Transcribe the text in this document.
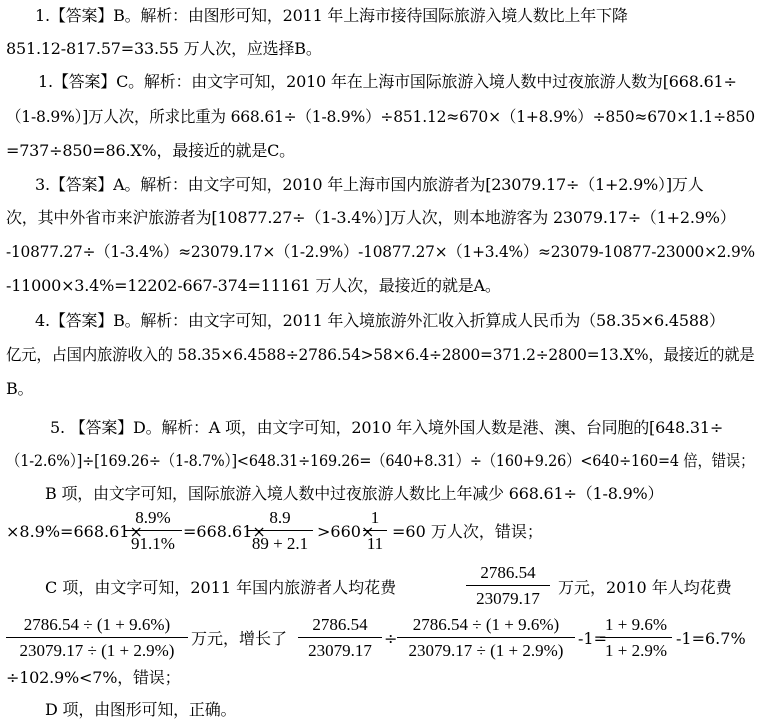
1.【答案】B。解析：由图形可知，2011 年上海市接待国际旅游入境人数比上年下降
851.12-817.57=33.55 万人次，应选择B。
1.【答案】C。解析：由文字可知，2010 年在上海市国际旅游入境人数中过夜旅游人数为[668.61÷
（1-8.9%）]万人次，所求比重为 668.61÷（1-8.9%）÷851.12≈670×（1+8.9%）÷850≈670×1.1÷850
=737÷850=86.X%，最接近的就是C。
3.【答案】A。解析：由文字可知，2010 年上海市国内旅游者为[23079.17÷（1+2.9%）]万人
次，其中外省市来沪旅游者为[10877.27÷（1-3.4%）]万人次，则本地游客为 23079.17÷（1+2.9%）
-10877.27÷（1-3.4%）≈23079.17×（1-2.9%）-10877.27×（1+3.4%）≈23079-10877-23000×2.9%
-11000×3.4%=12202-667-374=11161 万人次，最接近的就是A。
4.【答案】B。解析：由文字可知，2011 年入境旅游外汇收入折算成人民币为（58.35×6.4588）
亿元，占国内旅游收入的 58.35×6.4588÷2786.54>58×6.4÷2800=371.2÷2800=13.X%，最接近的就是
B。
5. 【答案】D。解析：A 项，由文字可知，2010 年入境外国人数是港、澳、台同胞的[648.31÷
（1-2.6%）]÷[169.26÷（1-8.7%）]<648.31÷169.26=（640+8.31）÷（160+9.26）<640÷160=4 倍，错误；
B 项，由文字可知，国际旅游入境人数中过夜旅游人数比上年减少 668.61÷（1-8.9%）
×8.9%=668.61×
$\frac{8.9\%}{91.1\%} =668.61\times$
$\frac{8.9}{89 + 2.1} >660\times$
$\frac{1}{11} =60$ 万人次，错误；
C 项，由文字可知，2011 年国内旅游者人均花费	$\frac{2786.54}{23079.17}$ 万元，2010 年人均花费
$\frac{2786.54 \div (1 + 9.6\%)}{23079.17 \div (1 + 2.9\%)}$ 万元，增长了 $\frac{2786.54}{23079.17} \div \frac{2786.54 \div (1 + 9.6\%)}{23079.17 \div (1 + 2.9\%)} -1=$
$\frac{1 + 9.6\%}{1 + 2.9\%} -1=6.7\%$
÷102.9%<7%，错误；
D 项，由图形可知，正确。
